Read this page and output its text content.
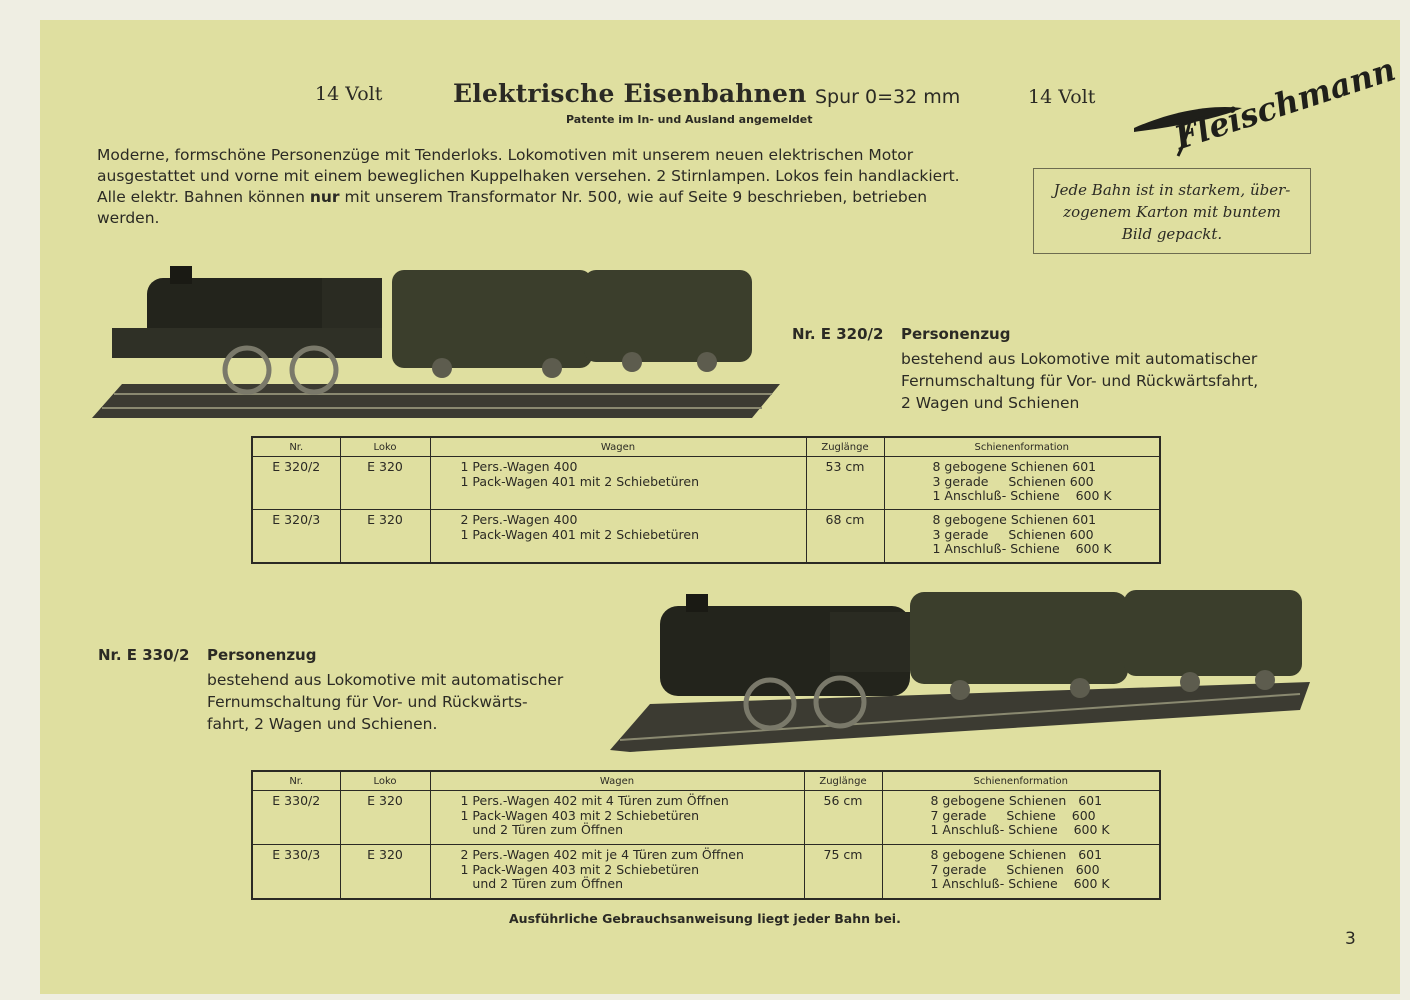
14 Volt	Elektrische Eisenbahnen Spur 0=32 mm	14 Volt
Patente im In- und Ausland angemeldet	Fleischmann
Moderne, formschöne Personenzüge mit Tenderloks. Lokomotiven mit unserem neuen elektrischen Motor ausgestattet und vorne mit einem beweglichen Kuppelhaken versehen. 2 Stirnlampen. Lokos fein handlackiert. Alle elektr. Bahnen können nur mit unserem Transformator Nr. 500, wie auf Seite 9 beschrieben, betrieben werden.
Jede Bahn ist in starkem, über-
zogenem Karton mit buntem
Bild gepackt.
Nr. E 320/2 Personenzug
bestehend aus Lokomotive mit automatischer
Fernumschaltung für Vor- und Rückwärtsfahrt,
2 Wagen und Schienen
Nr.	Loko	Wagen	Zuglänge	Schienenformation
E 320/2	E 320	1 Pers.-Wagen 400
1 Pack-Wagen 401 mit 2 Schiebetüren	53 cm	8 gebogene Schienen 601
3 gerade     Schienen 600
1 Anschluß- Schiene    600 K
E 320/3	E 320	2 Pers.-Wagen 400
1 Pack-Wagen 401 mit 2 Schiebetüren	68 cm	8 gebogene Schienen 601
3 gerade     Schienen 600
1 Anschluß- Schiene    600 K
Nr. E 330/2 Personenzug
bestehend aus Lokomotive mit automatischer
Fernumschaltung für Vor- und Rückwärts-
fahrt, 2 Wagen und Schienen.
Nr.	Loko	Wagen	Zuglänge	Schienenformation
E 330/2	E 320	1 Pers.-Wagen 402 mit 4 Türen zum Öffnen
1 Pack-Wagen 403 mit 2 Schiebetüren
und 2 Türen zum Öffnen	56 cm	8 gebogene Schienen   601
7 gerade     Schiene    600
1 Anschluß- Schiene    600 K
E 330/3	E 320	2 Pers.-Wagen 402 mit je 4 Türen zum Öffnen
1 Pack-Wagen 403 mit 2 Schiebetüren
und 2 Türen zum Öffnen	75 cm	8 gebogene Schienen   601
7 gerade     Schienen   600
1 Anschluß- Schiene    600 K
Ausführliche Gebrauchsanweisung liegt jeder Bahn bei.
3
